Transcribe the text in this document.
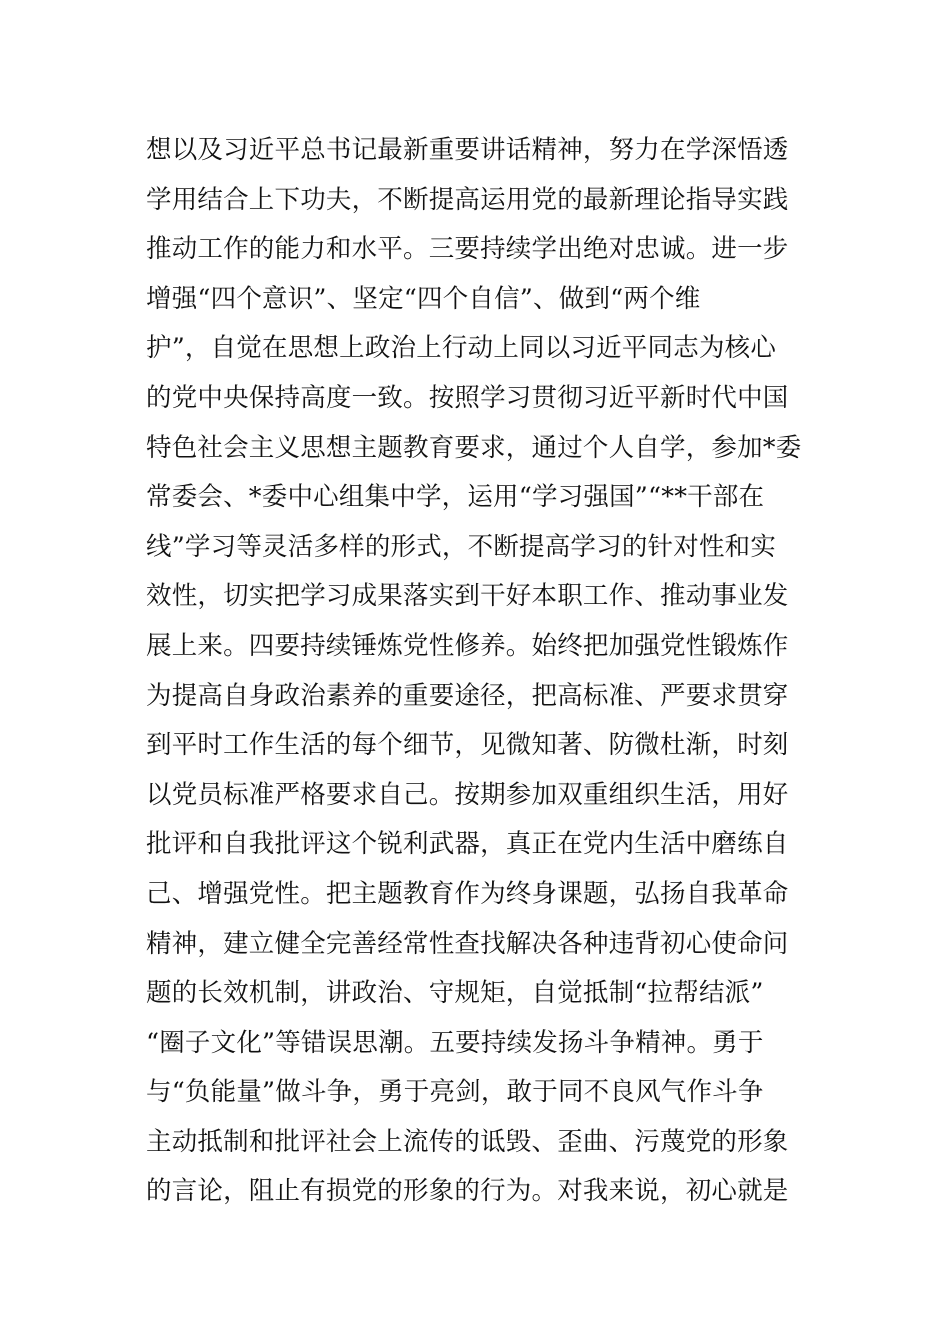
想以及习近平总书记最新重要讲话精神，努力在学深悟透
学用结合上下功夫，不断提高运用党的最新理论指导实践
推动工作的能力和水平。三要持续学出绝对忠诚。进一步
增强“四个意识”、坚定“四个自信”、做到“两个维
护”，自觉在思想上政治上行动上同以习近平同志为核心
的党中央保持高度一致。按照学习贯彻习近平新时代中国
特色社会主义思想主题教育要求，通过个人自学，参加*委
常委会、*委中心组集中学，运用“学习强国”“**干部在
线”学习等灵活多样的形式，不断提高学习的针对性和实
效性，切实把学习成果落实到干好本职工作、推动事业发
展上来。四要持续锤炼党性修养。始终把加强党性锻炼作
为提高自身政治素养的重要途径，把高标准、严要求贯穿
到平时工作生活的每个细节，见微知著、防微杜渐，时刻
以党员标准严格要求自己。按期参加双重组织生活，用好
批评和自我批评这个锐利武器，真正在党内生活中磨练自
己、增强党性。把主题教育作为终身课题，弘扬自我革命
精神，建立健全完善经常性查找解决各种违背初心使命问
题的长效机制，讲政治、守规矩，自觉抵制“拉帮结派”
“圈子文化”等错误思潮。五要持续发扬斗争精神。勇于
与“负能量”做斗争，勇于亮剑，敢于同不良风气作斗争
主动抵制和批评社会上流传的诋毁、歪曲、污蔑党的形象
的言论，阻止有损党的形象的行为。对我来说，初心就是
